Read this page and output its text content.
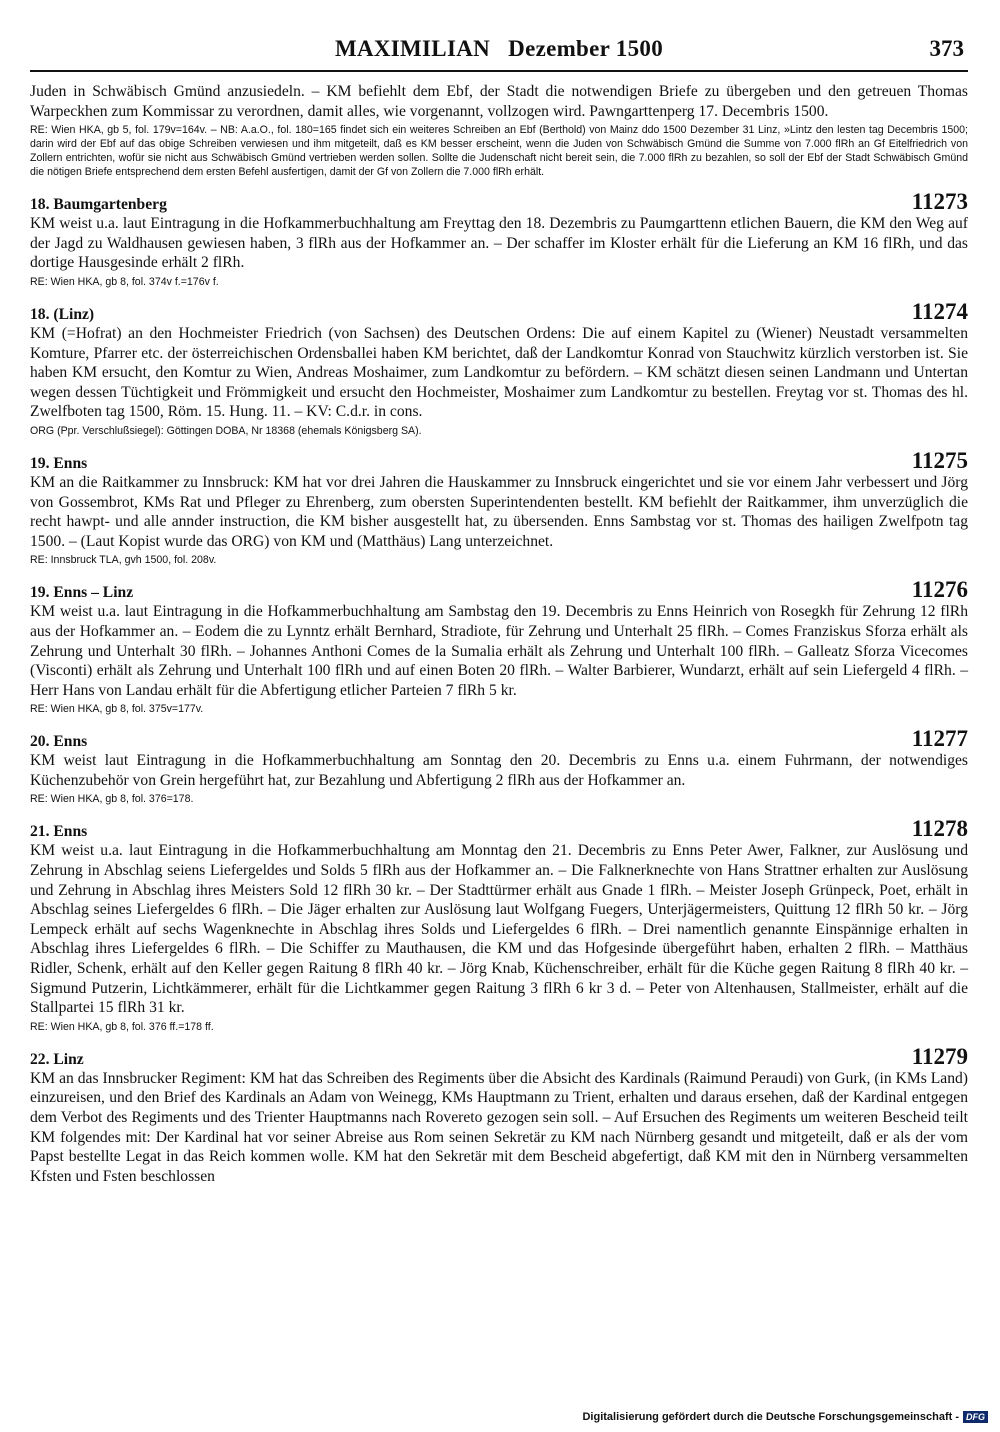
MAXIMILIAN   Dezember 1500	373

Juden in Schwäbisch Gmünd anzusiedeln. – KM befiehlt dem Ebf, der Stadt die notwendigen Briefe zu übergeben und den getreuen Thomas Warpeckhen zum Kommissar zu verordnen, damit alles, wie vorgenannt, vollzogen wird. Pawngarttenperg 17. Decembris 1500.

RE: Wien HKA, gb 5, fol. 179v=164v. – NB: A.a.O., fol. 180=165 findet sich ein weiteres Schreiben an Ebf (Berthold) von Mainz ddo 1500 Dezember 31 Linz, »Lintz den lesten tag Decembris 1500; darin wird der Ebf auf das obige Schreiben verwiesen und ihm mitgeteilt, daß es KM besser erscheint, wenn die Juden von Schwäbisch Gmünd die Summe von 7.000 flRh an Gf Eitelfriedrich von Zollern entrichten, wofür sie nicht aus Schwäbisch Gmünd vertrieben werden sollen. Sollte die Judenschaft nicht bereit sein, die 7.000 flRh zu bezahlen, so soll der Ebf der Stadt Schwäbisch Gmünd die nötigen Briefe entsprechend dem ersten Befehl ausfertigen, damit der Gf von Zollern die 7.000 flRh erhält.

18. Baumgartenberg	11273

KM weist u.a. laut Eintragung in die Hofkammerbuchhaltung am Freyttag den 18. Dezembris zu Paumgarttenn etlichen Bauern, die KM den Weg auf der Jagd zu Waldhausen gewiesen haben, 3 flRh aus der Hofkammer an. – Der schaffer im Kloster erhält für die Lieferung an KM 16 flRh, und das dortige Hausgesinde erhält 2 flRh.

RE: Wien HKA, gb 8, fol. 374v f.=176v f.

18. (Linz)	11274

KM (=Hofrat) an den Hochmeister Friedrich (von Sachsen) des Deutschen Ordens: Die auf einem Kapitel zu (Wiener) Neustadt versammelten Komture, Pfarrer etc. der österreichischen Ordensballei haben KM berichtet, daß der Landkomtur Konrad von Stauchwitz kürzlich verstorben ist. Sie haben KM ersucht, den Komtur zu Wien, Andreas Moshaimer, zum Landkomtur zu befördern. – KM schätzt diesen seinen Landmann und Untertan wegen dessen Tüchtigkeit und Frömmigkeit und ersucht den Hochmeister, Moshaimer zum Landkomtur zu bestellen. Freytag vor st. Thomas des hl. Zwelfboten tag 1500, Röm. 15. Hung. 11. – KV: C.d.r. in cons.

ORG (Ppr. Verschlußsiegel): Göttingen DOBA, Nr 18368 (ehemals Königsberg SA).

19. Enns	11275

KM an die Raitkammer zu Innsbruck: KM hat vor drei Jahren die Hauskammer zu Innsbruck eingerichtet und sie vor einem Jahr verbessert und Jörg von Gossembrot, KMs Rat und Pfleger zu Ehrenberg, zum obersten Superintendenten bestellt. KM befiehlt der Raitkammer, ihm unverzüglich die recht hawpt- und alle annder instruction, die KM bisher ausgestellt hat, zu übersenden. Enns Sambstag vor st. Thomas des hailigen Zwelfpotn tag 1500. – (Laut Kopist wurde das ORG) von KM und (Matthäus) Lang unterzeichnet.

RE: Innsbruck TLA, gvh 1500, fol. 208v.

19. Enns – Linz	11276

KM weist u.a. laut Eintragung in die Hofkammerbuchhaltung am Sambstag den 19. Decembris zu Enns Heinrich von Rosegkh für Zehrung 12 flRh aus der Hofkammer an. – Eodem die zu Lynntz erhält Bernhard, Stradiote, für Zehrung und Unterhalt 25 flRh. – Comes Franziskus Sforza erhält als Zehrung und Unterhalt 30 flRh. – Johannes Anthoni Comes de la Sumalia erhält als Zehrung und Unterhalt 100 flRh. – Galleatz Sforza Vicecomes (Visconti) erhält als Zehrung und Unterhalt 100 flRh und auf einen Boten 20 flRh. – Walter Barbierer, Wundarzt, erhält auf sein Liefergeld 4 flRh. – Herr Hans von Landau erhält für die Abfertigung etlicher Parteien 7 flRh 5 kr.

RE: Wien HKA, gb 8, fol. 375v=177v.

20. Enns	11277

KM weist laut Eintragung in die Hofkammerbuchhaltung am Sonntag den 20. Decembris zu Enns u.a. einem Fuhrmann, der notwendiges Küchenzubehör von Grein hergeführt hat, zur Bezahlung und Abfertigung 2 flRh aus der Hofkammer an.

RE: Wien HKA, gb 8, fol. 376=178.

21. Enns	11278

KM weist u.a. laut Eintragung in die Hofkammerbuchhaltung am Monntag den 21. Decembris zu Enns Peter Awer, Falkner, zur Auslösung und Zehrung in Abschlag seiens Liefergeldes und Solds 5 flRh aus der Hofkammer an. – Die Falknerknechte von Hans Strattner erhalten zur Auslösung und Zehrung in Abschlag ihres Meisters Sold 12 flRh 30 kr. – Der Stadttürmer erhält aus Gnade 1 flRh. – Meister Joseph Grünpeck, Poet, erhält in Abschlag seines Liefergeldes 6 flRh. – Die Jäger erhalten zur Auslösung laut Wolfgang Fuegers, Unterjägermeisters, Quittung 12 flRh 50 kr. – Jörg Lempeck erhält auf sechs Wagenknechte in Abschlag ihres Solds und Liefergeldes 6 flRh. – Drei namentlich genannte Einspännige erhalten in Abschlag ihres Liefergeldes 6 flRh. – Die Schiffer zu Mauthausen, die KM und das Hofgesinde übergeführt haben, erhalten 2 flRh. – Matthäus Ridler, Schenk, erhält auf den Keller gegen Raitung 8 flRh 40 kr. – Jörg Knab, Küchenschreiber, erhält für die Küche gegen Raitung 8 flRh 40 kr. – Sigmund Putzerin, Lichtkämmerer, erhält für die Lichtkammer gegen Raitung 3 flRh 6 kr 3 d. – Peter von Altenhausen, Stallmeister, erhält auf die Stallpartei 15 flRh 31 kr.

RE: Wien HKA, gb 8, fol. 376 ff.=178 ff.

22. Linz	11279

KM an das Innsbrucker Regiment: KM hat das Schreiben des Regiments über die Absicht des Kardinals (Raimund Peraudi) von Gurk, (in KMs Land) einzureisen, und den Brief des Kardinals an Adam von Weinegg, KMs Hauptmann zu Trient, erhalten und daraus ersehen, daß der Kardinal entgegen dem Verbot des Regiments und des Trienter Hauptmanns nach Rovereto gezogen sein soll. – Auf Ersuchen des Regiments um weiteren Bescheid teilt KM folgendes mit: Der Kardinal hat vor seiner Abreise aus Rom seinen Sekretär zu KM nach Nürnberg gesandt und mitgeteilt, daß er als der vom Papst bestellte Legat in das Reich kommen wolle. KM hat den Sekretär mit dem Bescheid abgefertigt, daß KM mit den in Nürnberg versammelten Kfsten und Fsten beschlossen

Digitalisierung gefördert durch die Deutsche Forschungsgemeinschaft - DFG
